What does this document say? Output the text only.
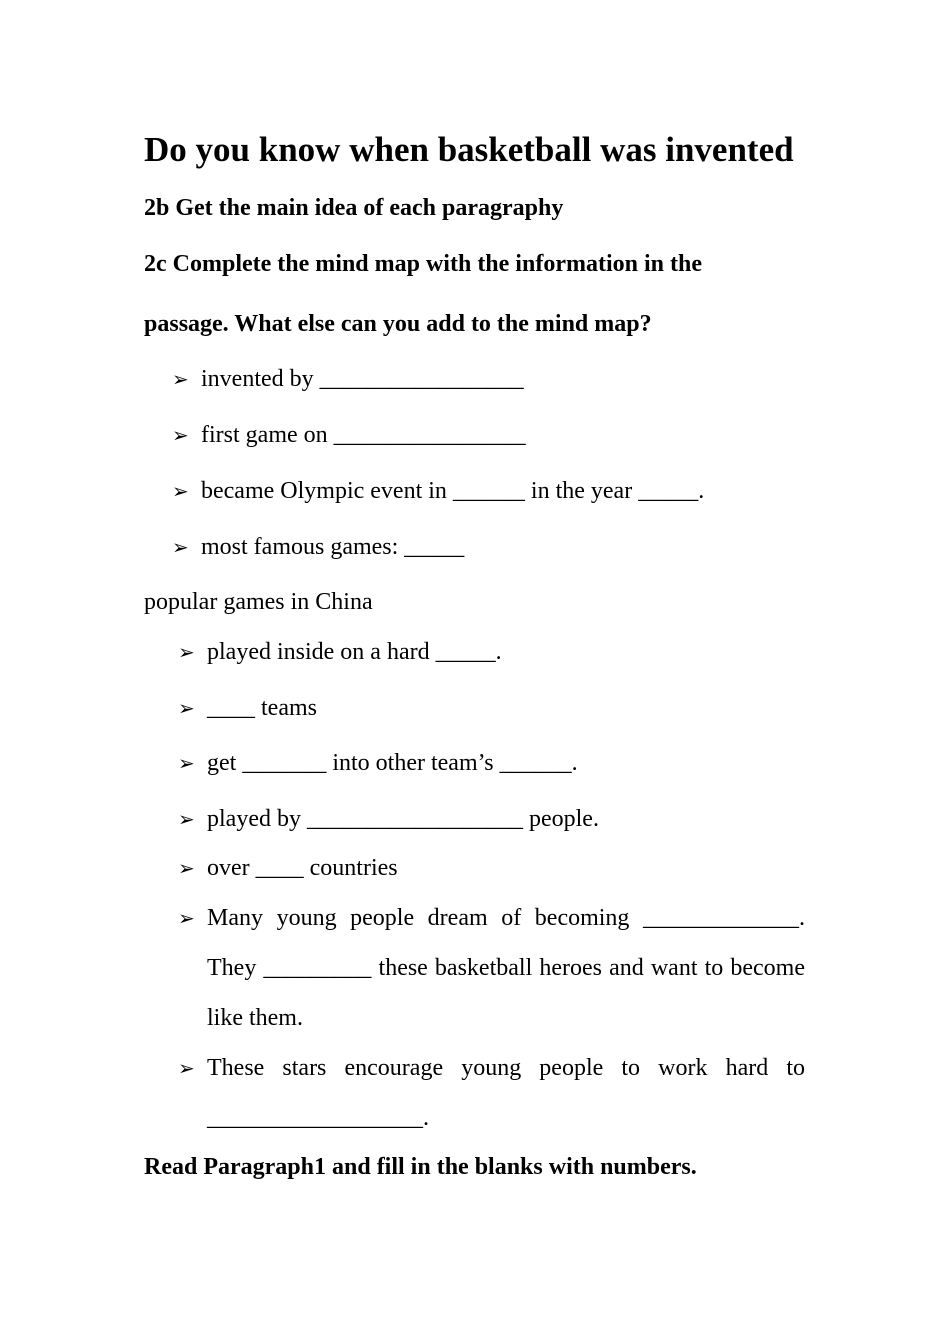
Do you know when basketball was invented

2b Get the main idea of each paragraphy

2c Complete the mind map with the information in the

passage. What else can you add to the mind map?

➢ invented by _________________
➢ first game on ________________
➢ became Olympic event in ______ in the year _____.
➢ most famous games: _____

popular games in China

➢ played inside on a hard _____.
➢ ____ teams
➢ get _______ into other team’s ______.
➢ played by __________________ people.
➢ over ____ countries
➢ Many young people dream of becoming _____________. They _________ these basketball heroes and want to become like them.
➢ These stars encourage young people to work hard to __________________.

Read Paragraph1 and fill in the blanks with numbers.
